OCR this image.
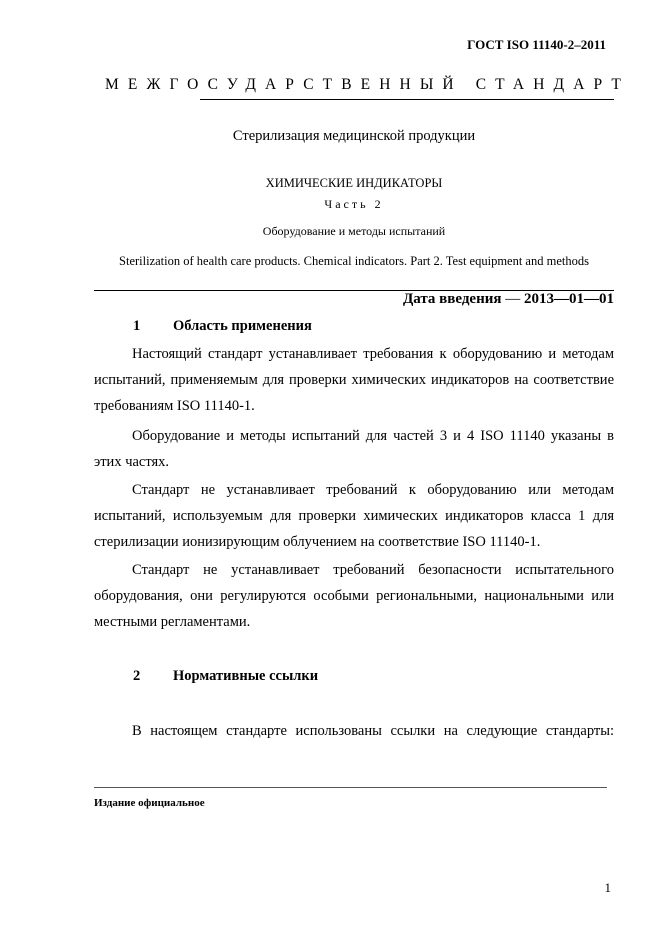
ГОСТ ISO 11140-2–2011
МЕЖГОСУДАРСТВЕННЫЙ СТАНДАРТ
Стерилизация медицинской продукции
ХИМИЧЕСКИЕ ИНДИКАТОРЫ
Часть 2
Оборудование и методы испытаний
Sterilization of health care products. Chemical indicators. Part 2. Test equipment and methods
Дата введения — 2013—01—01
1 Область применения

Настоящий стандарт устанавливает требования к оборудованию и методам испытаний, применяемым для проверки химических индикаторов на соответствие требованиям ISO 11140-1.

Оборудование и методы испытаний для частей 3 и 4 ISO 11140 указаны в этих частях.

Стандарт не устанавливает требований к оборудованию или методам испытаний, используемым для проверки химических индикаторов класса 1 для стерилизации ионизирующим облучением на соответствие ISO 11140-1.

Стандарт не устанавливает требований безопасности испытательного оборудования, они регулируются особыми региональными, национальными или местными регламентами.

2 Нормативные ссылки

В настоящем стандарте использованы ссылки на следующие стандарты:

Издание официальное
1
